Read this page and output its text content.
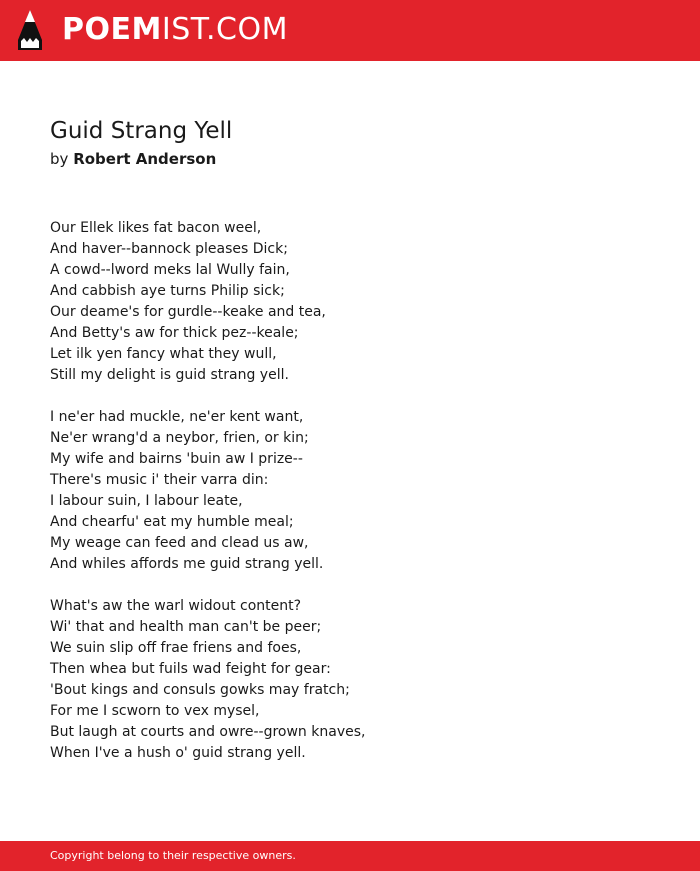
POEMIST.COM
Guid Strang Yell
by Robert Anderson
Our Ellek likes fat bacon weel,
And haver--bannock pleases Dick;
A cowd--lword meks lal Wully fain,
And cabbish aye turns Philip sick;
Our deame's for gurdle--keake and tea,
And Betty's aw for thick pez--keale;
Let ilk yen fancy what they wull,
Still my delight is guid strang yell.
I ne'er had muckle, ne'er kent want,
Ne'er wrang'd a neybor, frien, or kin;
My wife and bairns 'buin aw I prize--
There's music i' their varra din:
I labour suin, I labour leate,
And chearfu' eat my humble meal;
My weage can feed and clead us aw,
And whiles affords me guid strang yell.
What's aw the warl widout content?
Wi' that and health man can't be peer;
We suin slip off frae friens and foes,
Then whea but fuils wad feight for gear:
'Bout kings and consuls gowks may fratch;
For me I scworn to vex mysel,
But laugh at courts and owre--grown knaves,
When I've a hush o' guid strang yell.
Copyright belong to their respective owners.
